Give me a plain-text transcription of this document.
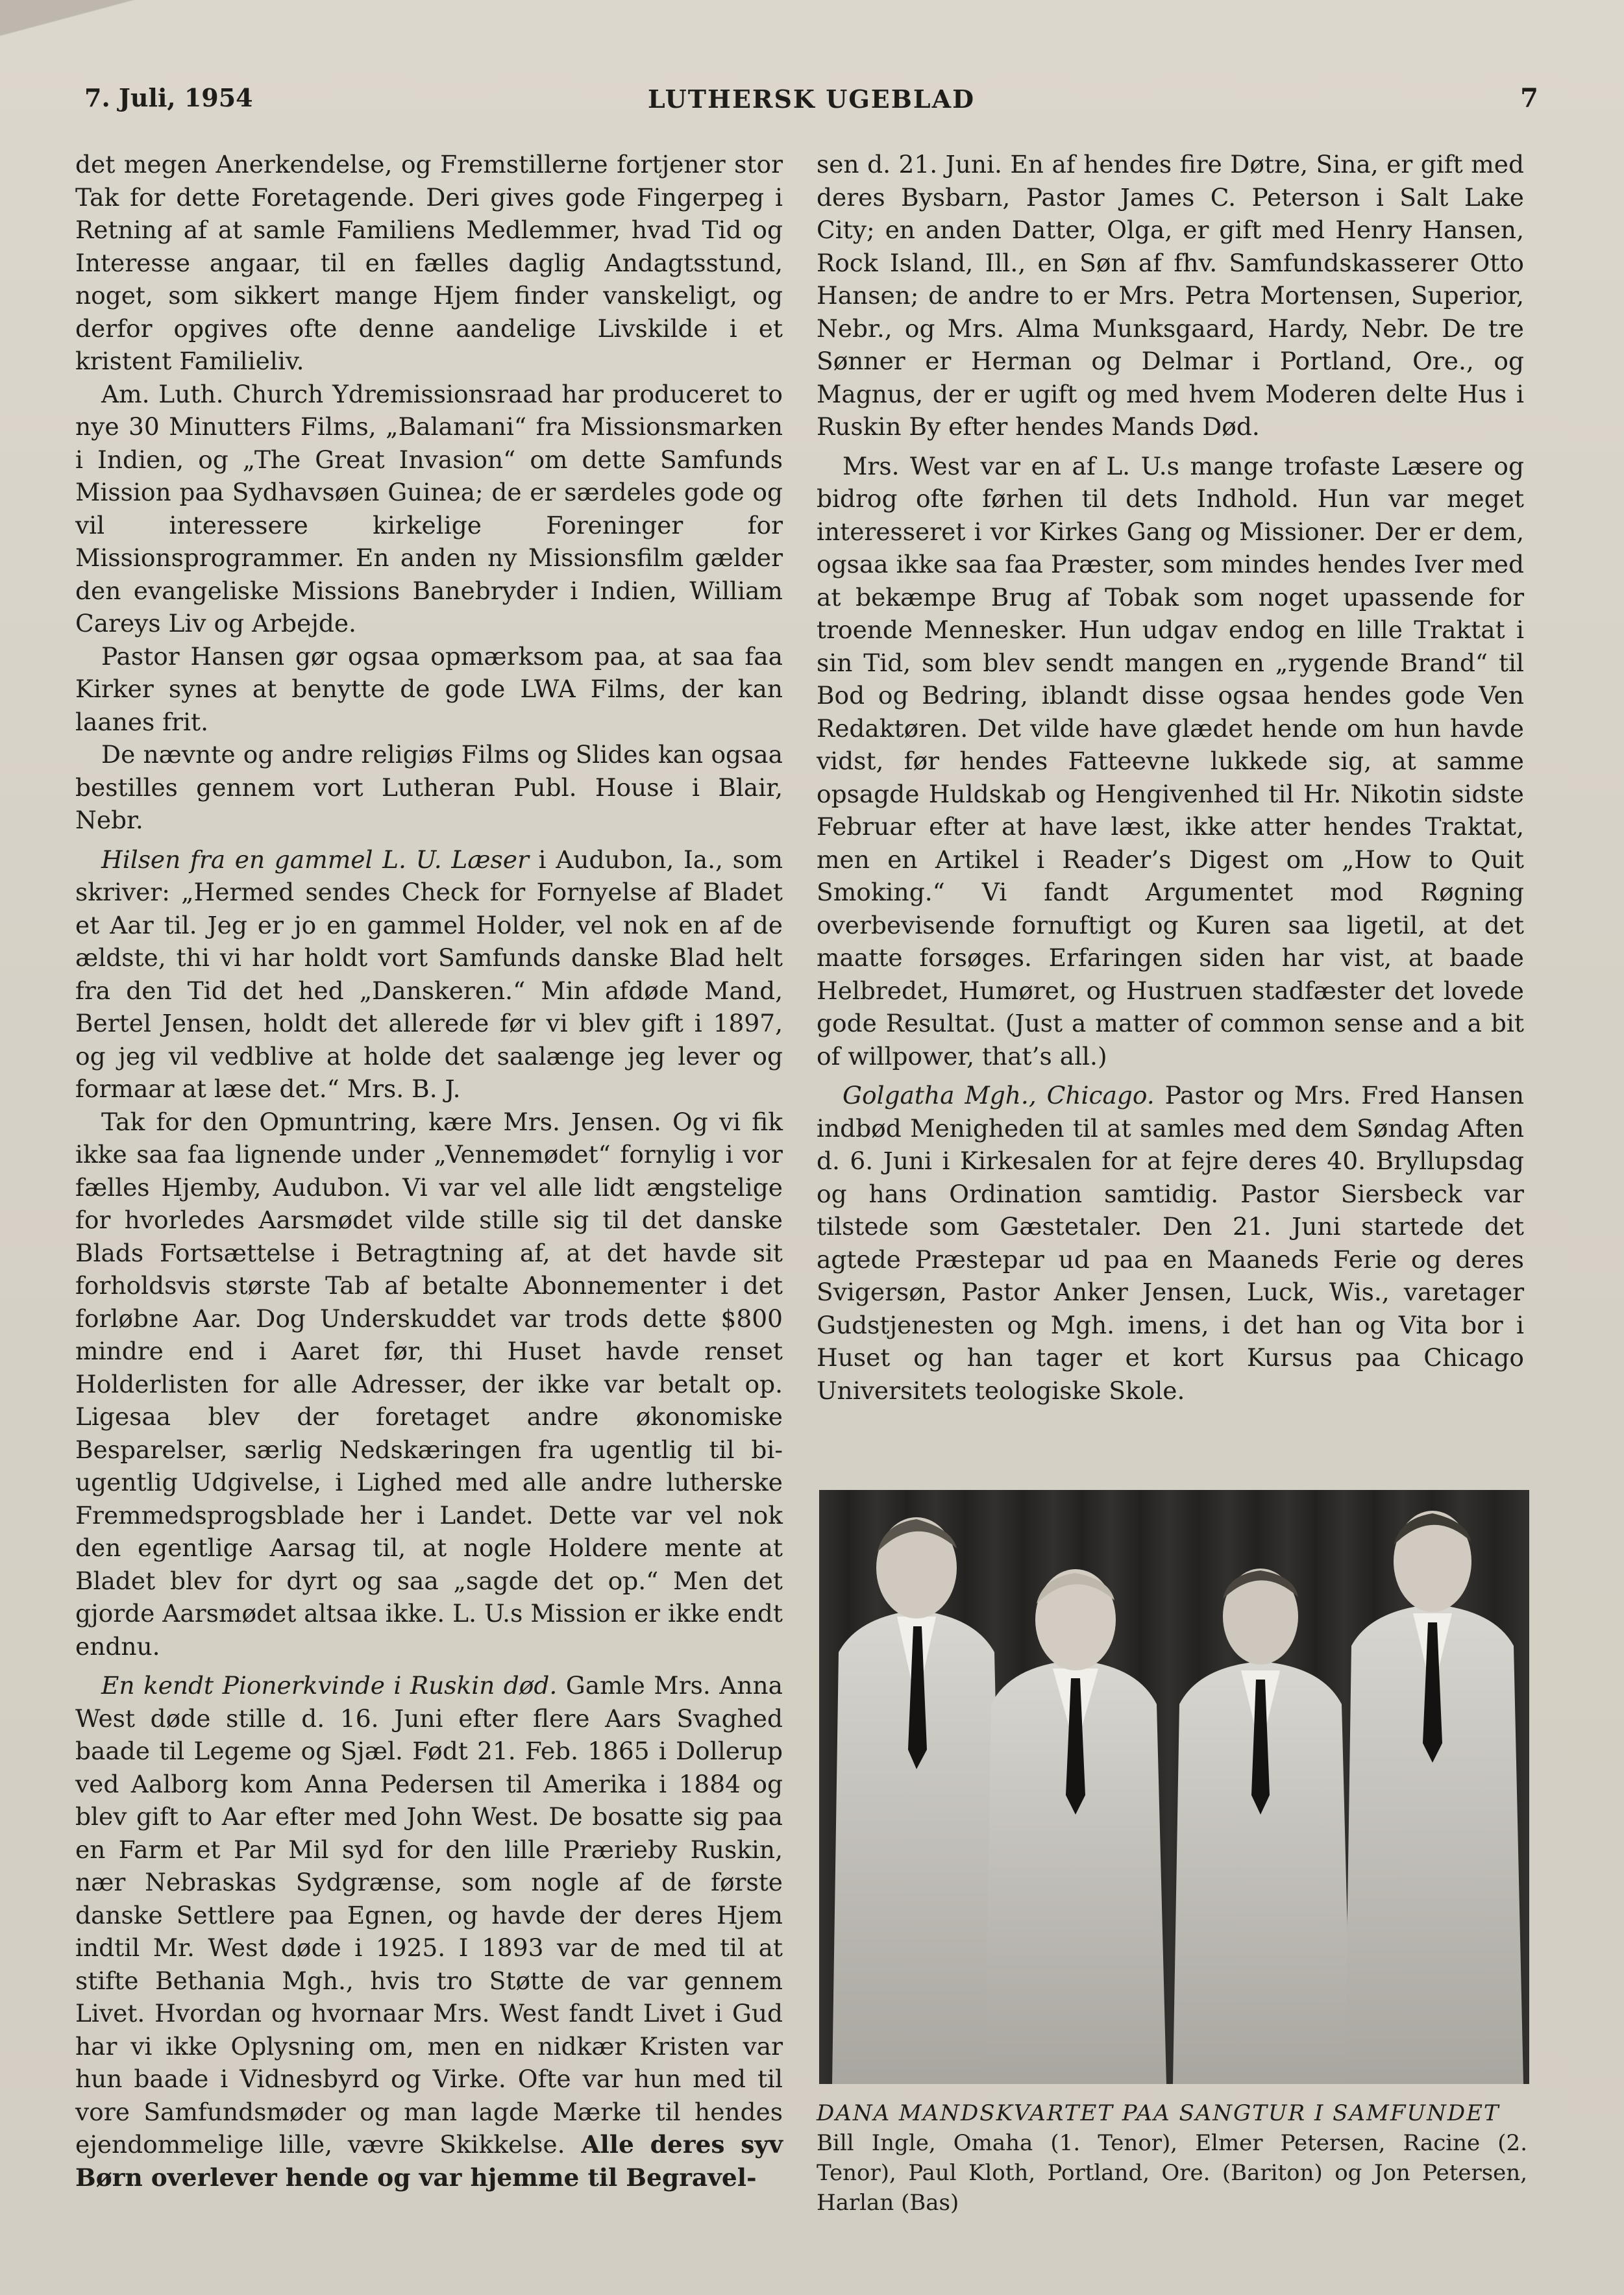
7. Juli, 1954	LUTHERSK UGEBLAD	7

det megen Anerkendelse, og Fremstillerne fortjener stor Tak for dette Foretagende. Deri gives gode Fingerpeg i Retning af at samle Familiens Medlemmer, hvad Tid og Interesse angaar, til en fælles daglig Andagtsstund, noget, som sikkert mange Hjem finder vanskeligt, og derfor opgives ofte denne aandelige Livskilde i et kristent Familieliv.

Am. Luth. Church Ydremissionsraad har produceret to nye 30 Minutters Films, „Balamani“ fra Missionsmarken i Indien, og „The Great Invasion“ om dette Samfunds Mission paa Sydhavsøen Guinea; de er særdeles gode og vil interessere kirkelige Foreninger for Missionsprogrammer. En anden ny Missionsfilm gælder den evangeliske Missions Banebryder i Indien, William Careys Liv og Arbejde.

Pastor Hansen gør ogsaa opmærksom paa, at saa faa Kirker synes at benytte de gode LWA Films, der kan laanes frit.

De nævnte og andre religiøs Films og Slides kan ogsaa bestilles gennem vort Lutheran Publ. House i Blair, Nebr.

Hilsen fra en gammel L. U. Læser i Audubon, Ia., som skriver: „Hermed sendes Check for Fornyelse af Bladet et Aar til. Jeg er jo en gammel Holder, vel nok en af de ældste, thi vi har holdt vort Samfunds danske Blad helt fra den Tid det hed „Danskeren.“ Min afdøde Mand, Bertel Jensen, holdt det allerede før vi blev gift i 1897, og jeg vil vedblive at holde det saalænge jeg lever og formaar at læse det.“ Mrs. B. J.

Tak for den Opmuntring, kære Mrs. Jensen. Og vi fik ikke saa faa lignende under „Vennemødet“ fornylig i vor fælles Hjemby, Audubon. Vi var vel alle lidt ængstelige for hvorledes Aarsmødet vilde stille sig til det danske Blads Fortsættelse i Betragtning af, at det havde sit forholdsvis største Tab af betalte Abonnementer i det forløbne Aar. Dog Underskuddet var trods dette $800 mindre end i Aaret før, thi Huset havde renset Holderlisten for alle Adresser, der ikke var betalt op. Ligesaa blev der foretaget andre økonomiske Besparelser, særlig Nedskæringen fra ugentlig til bi-ugentlig Udgivelse, i Lighed med alle andre lutherske Fremmedsprogsblade her i Landet. Dette var vel nok den egentlige Aarsag til, at nogle Holdere mente at Bladet blev for dyrt og saa „sagde det op.“ Men det gjorde Aarsmødet altsaa ikke. L. U.s Mission er ikke endt endnu.

En kendt Pionerkvinde i Ruskin død. Gamle Mrs. Anna West døde stille d. 16. Juni efter flere Aars Svaghed baade til Legeme og Sjæl. Født 21. Feb. 1865 i Dollerup ved Aalborg kom Anna Pedersen til Amerika i 1884 og blev gift to Aar efter med John West. De bosatte sig paa en Farm et Par Mil syd for den lille Prærieby Ruskin, nær Nebraskas Sydgrænse, som nogle af de første danske Settlere paa Egnen, og havde der deres Hjem indtil Mr. West døde i 1925. I 1893 var de med til at stifte Bethania Mgh., hvis tro Støtte de var gennem Livet. Hvordan og hvornaar Mrs. West fandt Livet i Gud har vi ikke Oplysning om, men en nidkær Kristen var hun baade i Vidnesbyrd og Virke. Ofte var hun med til vore Samfundsmøder og man lagde Mærke til hendes ejendommelige lille, vævre Skikkelse. Alle deres syv Børn overlever hende og var hjemme til Begravel-

sen d. 21. Juni. En af hendes fire Døtre, Sina, er gift med deres Bysbarn, Pastor James C. Peterson i Salt Lake City; en anden Datter, Olga, er gift med Henry Hansen, Rock Island, Ill., en Søn af fhv. Samfundskasserer Otto Hansen; de andre to er Mrs. Petra Mortensen, Superior, Nebr., og Mrs. Alma Munksgaard, Hardy, Nebr. De tre Sønner er Herman og Delmar i Portland, Ore., og Magnus, der er ugift og med hvem Moderen delte Hus i Ruskin By efter hendes Mands Død.

Mrs. West var en af L. U.s mange trofaste Læsere og bidrog ofte førhen til dets Indhold. Hun var meget interesseret i vor Kirkes Gang og Missioner. Der er dem, ogsaa ikke saa faa Præster, som mindes hendes Iver med at bekæmpe Brug af Tobak som noget upassende for troende Mennesker. Hun udgav endog en lille Traktat i sin Tid, som blev sendt mangen en „rygende Brand“ til Bod og Bedring, iblandt disse ogsaa hendes gode Ven Redaktøren. Det vilde have glædet hende om hun havde vidst, før hendes Fatteevne lukkede sig, at samme opsagde Huldskab og Hengivenhed til Hr. Nikotin sidste Februar efter at have læst, ikke atter hendes Traktat, men en Artikel i Reader’s Digest om „How to Quit Smoking.“ Vi fandt Argumentet mod Røgning overbevisende fornuftigt og Kuren saa ligetil, at det maatte forsøges. Erfaringen siden har vist, at baade Helbredet, Humøret, og Hustruen stadfæster det lovede gode Resultat. (Just a matter of common sense and a bit of willpower, that’s all.)

Golgatha Mgh., Chicago. Pastor og Mrs. Fred Hansen indbød Menigheden til at samles med dem Søndag Aften d. 6. Juni i Kirkesalen for at fejre deres 40. Bryllupsdag og hans Ordination samtidig. Pastor Siersbeck var tilstede som Gæstetaler. Den 21. Juni startede det agtede Præstepar ud paa en Maaneds Ferie og deres Svigersøn, Pastor Anker Jensen, Luck, Wis., varetager Gudstjenesten og Mgh. imens, i det han og Vita bor i Huset og han tager et kort Kursus paa Chicago Universitets teologiske Skole.

DANA MANDSKVARTET PAA SANGTUR I SAMFUNDET

Bill Ingle, Omaha (1. Tenor), Elmer Petersen, Racine (2. Tenor), Paul Kloth, Portland, Ore. (Bariton) og Jon Petersen, Harlan (Bas)
